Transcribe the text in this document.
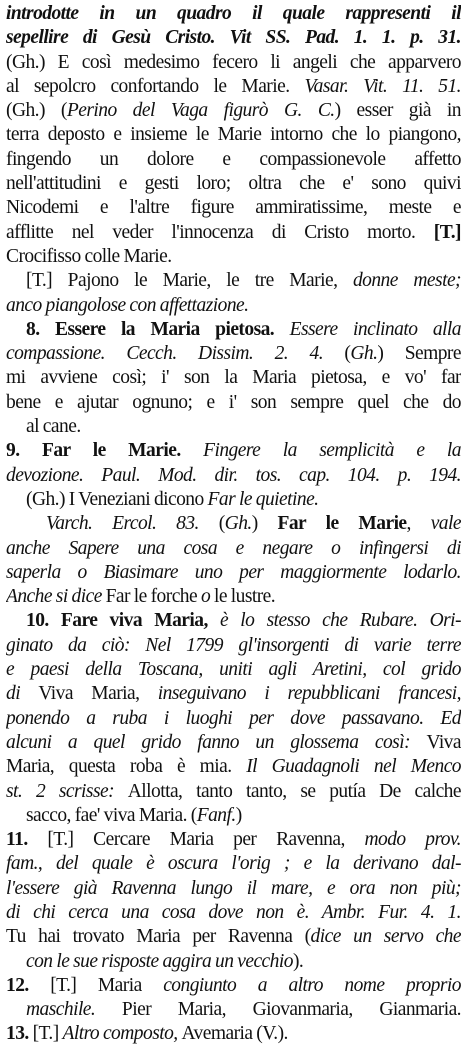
introdotte in un quadro il quale rappresenti il
sepellire di Gesù Cristo. Vit SS. Pad. 1. 1. p. 31.
(Gh.) E così medesimo fecero li angeli che apparvero
al sepolcro confortando le Marie. Vasar. Vit. 11. 51.
(Gh.) (Perino del Vaga figurò G. C.) esser già in
terra deposto e insieme le Marie intorno che lo piangono,
fingendo un dolore e compassionevole affetto
nell'attitudini e gesti loro; oltra che e' sono quivi
Nicodemi e l'altre figure ammiratissime, meste e
afflitte nel veder l'innocenza di Cristo morto. [T.]
Crocifisso colle Marie.
[T.] Pajono le Marie, le tre Marie, donne meste;
anco piangolose con affettazione.
8. Essere la Maria pietosa. Essere inclinato alla
compassione. Cecch. Dissim. 2. 4. (Gh.) Sempre
mi avviene così; i' son la Maria pietosa, e vo' far
bene e ajutar ognuno; e i' son sempre quel che do
al cane.
9. Far le Marie. Fingere la semplicità e la
devozione. Paul. Mod. dir. tos. cap. 104. p. 194.
(Gh.) I Veneziani dicono Far le quietine.
Varch. Ercol. 83. (Gh.) Far le Marie, vale
anche Sapere una cosa e negare o infingersi di
saperla o Biasimare uno per maggiormente lodarlo.
Anche si dice Far le forche o le lustre.
10. Fare viva Maria, è lo stesso che Rubare. Ori-
ginato da ciò: Nel 1799 gl'insorgenti di varie terre
e paesi della Toscana, uniti agli Aretini, col grido
di Viva Maria, inseguivano i repubblicani francesi,
ponendo a ruba i luoghi per dove passavano. Ed
alcuni a quel grido fanno un glossema così: Viva
Maria, questa roba è mia. Il Guadagnoli nel Menco
st. 2 scrisse: Allotta, tanto tanto, se putía De calche
sacco, fae' viva Maria. (Fanf.)
11. [T.] Cercare Maria per Ravenna, modo prov.
fam., del quale è oscura l'orig ; e la derivano dal-
l'essere già Ravenna lungo il mare, e ora non più;
di chi cerca una cosa dove non è. Ambr. Fur. 4. 1.
Tu hai trovato Maria per Ravenna (dice un servo che
con le sue risposte aggira un vecchio).
12. [T.] Maria congiunto a altro nome proprio
maschile. Pier Maria, Giovanmaria, Gianmaria.
13. [T.] Altro composto, Avemaria (V.).
